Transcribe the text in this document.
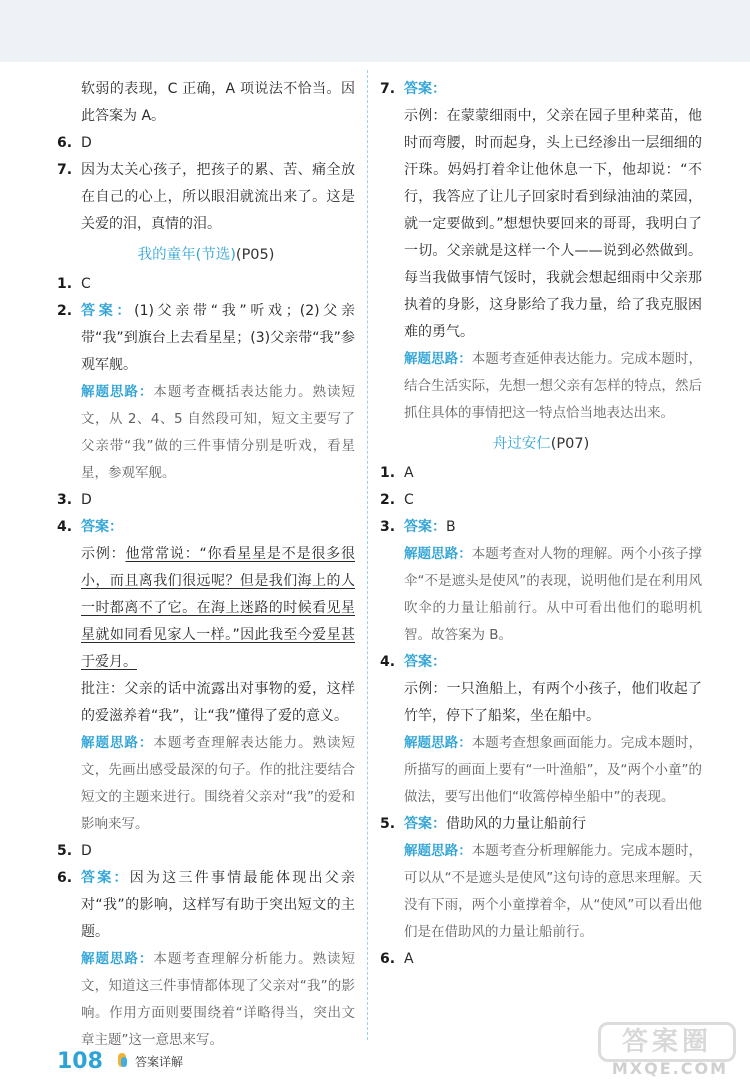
软弱的表现，C 正确，A 项说法不恰当。因此答案为 A。
6. D
7. 因为太关心孩子，把孩子的累、苦、痛全放在自己的心上，所以眼泪就流出来了。这是关爱的泪，真情的泪。
我的童年(节选)(P05)
1. C
2. 答案：(1)父亲带“我”听戏；(2)父亲带“我”到旗台上去看星星；(3)父亲带“我”参观军舰。
解题思路：本题考查概括表达能力。熟读短文，从 2、4、5 自然段可知，短文主要写了父亲带“我”做的三件事情分别是听戏，看星星，参观军舰。
3. D
4. 答案：
示例：他常常说：“你看星星是不是很多很小，而且离我们很远呢？但是我们海上的人一时都离不了它。在海上迷路的时候看见星星就如同看见家人一样。”因此我至今爱星甚于爱月。
批注：父亲的话中流露出对事物的爱，这样的爱滋养着“我”，让“我”懂得了爱的意义。
解题思路：本题考查理解表达能力。熟读短文，先画出感受最深的句子。作的批注要结合短文的主题来进行。围绕着父亲对“我”的爱和影响来写。
5. D
6. 答案：因为这三件事情最能体现出父亲对“我”的影响，这样写有助于突出短文的主题。
解题思路：本题考查理解分析能力。熟读短文，知道这三件事情都体现了父亲对“我”的影响。作用方面则要围绕着“详略得当，突出文章主题”这一意思来写。
7. 答案：
示例：在蒙蒙细雨中，父亲在园子里种菜苗，他时而弯腰，时而起身，头上已经渗出一层细细的汗珠。妈妈打着伞让他休息一下，他却说：“不行，我答应了让儿子回家时看到绿油油的菜园，就一定要做到。”想想快要回来的哥哥，我明白了一切。父亲就是这样一个人——说到必然做到。每当我做事情气馁时，我就会想起细雨中父亲那执着的身影，这身影给了我力量，给了我克服困难的勇气。
解题思路：本题考查延伸表达能力。完成本题时，结合生活实际，先想一想父亲有怎样的特点，然后抓住具体的事情把这一特点恰当地表达出来。
舟过安仁(P07)
1. A
2. C
3. 答案：B
解题思路：本题考查对人物的理解。两个小孩子撑伞“不是遮头是使风”的表现，说明他们是在利用风吹伞的力量让船前行。从中可看出他们的聪明机智。故答案为 B。
4. 答案：
示例：一只渔船上，有两个小孩子，他们收起了竹竿，停下了船桨，坐在船中。
解题思路：本题考查想象画面能力。完成本题时，所描写的画面上要有“一叶渔船”，及“两个小童”的做法，要写出他们“收篙停棹坐船中”的表现。
5. 答案：借助风的力量让船前行
解题思路：本题考查分析理解能力。完成本题时，可以从“不是遮头是使风”这句诗的意思来理解。天没有下雨，两个小童撑着伞，从“使风”可以看出他们是在借助风的力量让船前行。
6. A
108	答案详解
答案圈
MXQE.COM
